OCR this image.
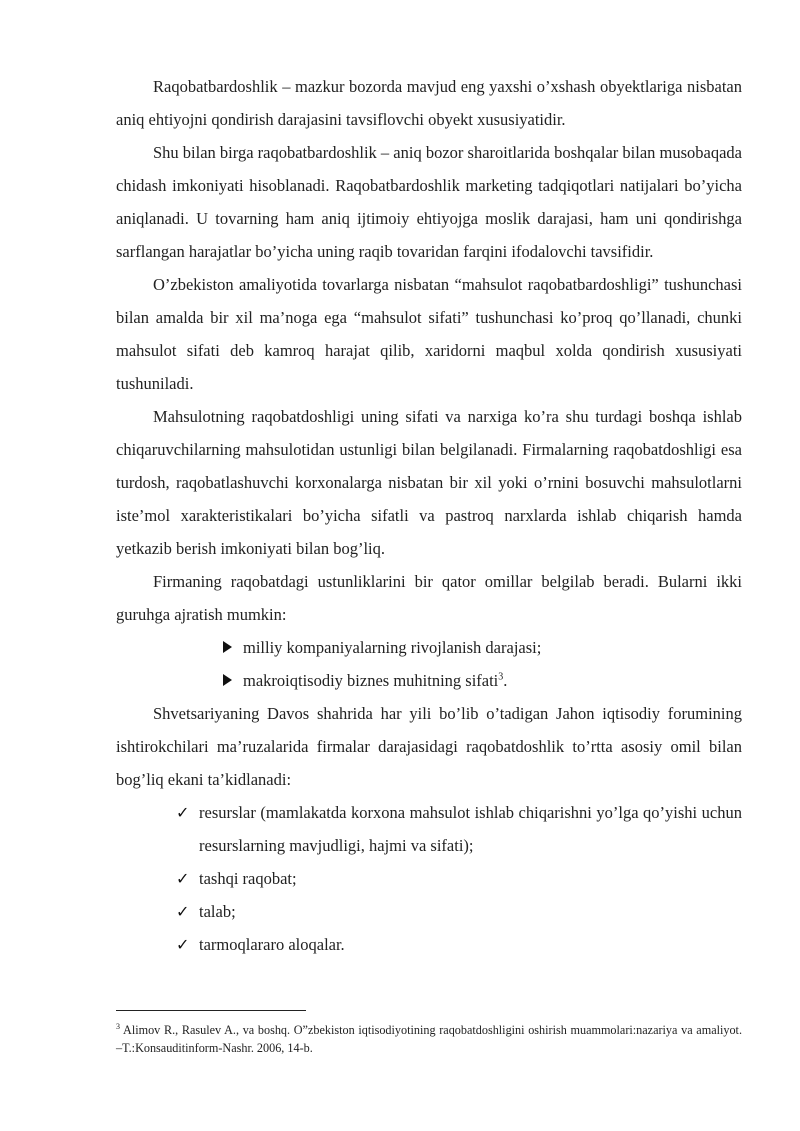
Raqobatbardoshlik – mazkur bozorda mavjud eng yaxshi o’xshash obyektlariga nisbatan aniq ehtiyojni qondirish darajasini tavsiflovchi obyekt xususiyatidir.

Shu bilan birga raqobatbardoshlik – aniq bozor sharoitlarida boshqalar bilan musobaqada chidash imkoniyati hisoblanadi. Raqobatbardoshlik marketing tadqiqotlari natijalari bo’yicha aniqlanadi. U tovarning ham aniq ijtimoiy ehtiyojga moslik darajasi, ham uni qondirishga sarflangan harajatlar bo’yicha uning raqib tovaridan farqini ifodalovchi tavsifidir.

O’zbekiston amaliyotida tovarlarga nisbatan “mahsulot raqobatbardoshligi” tushunchasi bilan amalda bir xil ma’noga ega “mahsulot sifati” tushunchasi ko’proq qo’llanadi, chunki mahsulot sifati deb kamroq harajat qilib, xaridorni maqbul xolda qondirish xususiyati tushuniladi.

Mahsulotning raqobatdoshligi uning sifati va narxiga ko’ra shu turdagi boshqa ishlab chiqaruvchilarning mahsulotidan ustunligi bilan belgilanadi. Firmalarning raqobatdoshligi esa turdosh, raqobatlashuvchi korxonalarga nisbatan bir xil yoki o’rnini bosuvchi mahsulotlarni iste’mol xarakteristikalari bo’yicha sifatli va pastroq narxlarda ishlab chiqarish hamda yetkazib berish imkoniyati bilan bog’liq.

Firmaning raqobatdagi ustunliklarini bir qator omillar belgilab beradi. Bularni ikki guruhga ajratish mumkin:

milliy kompaniyalarning rivojlanish darajasi;
makroiqtisodiy biznes muhitning sifati$^3$.

Shvetsariyaning Davos shahrida har yili bo’lib o’tadigan Jahon iqtisodiy forumining ishtirokchilari ma’ruzalarida firmalar darajasidagi raqobatdoshlik to’rtta asosiy omil bilan bog’liq ekani ta’kidlanadi:

✓ resurslar (mamlakatda korxona mahsulot ishlab chiqarishni yo’lga qo’yishi uchun resurslarning mavjudligi, hajmi va sifati);
✓ tashqi raqobat;
✓ talab;
✓ tarmoqlararo aloqalar.
$^3$ Alimov R., Rasulev A., va boshq. O”zbekiston iqtisodiyotining raqobatdoshligini oshirish muammolari:nazariya va amaliyot. –T.:Konsauditinform-Nashr. 2006, 14-b.
